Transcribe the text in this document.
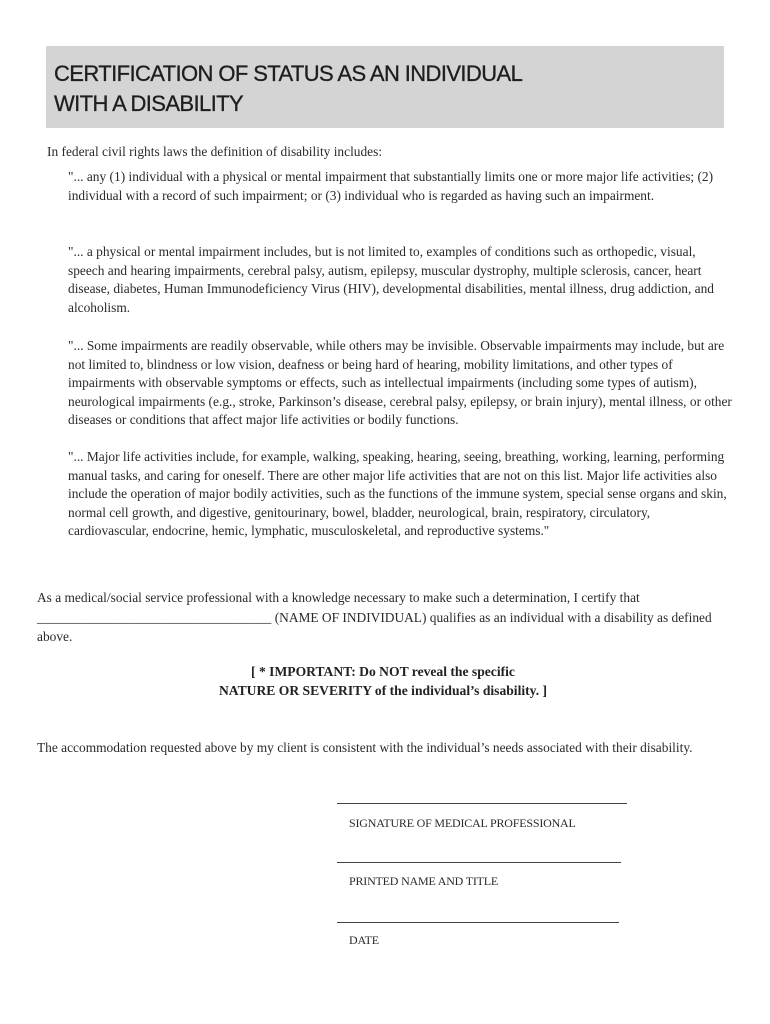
CERTIFICATION OF STATUS AS AN INDIVIDUAL
WITH A DISABILITY

In federal civil rights laws the definition of disability includes:

"... any (1) individual with a physical or mental impairment that substantially limits one or more major life activities; (2) individual with a record of such impairment; or (3) individual who is regarded as having such an impairment.

"... a physical or mental impairment includes, but is not limited to, examples of conditions such as orthopedic, visual, speech and hearing impairments, cerebral palsy, autism, epilepsy, muscular dystrophy, multiple sclerosis, cancer, heart disease, diabetes, Human Immunodeficiency Virus (HIV), developmental disabilities, mental illness, drug addiction, and alcoholism.

"... Some impairments are readily observable, while others may be invisible. Observable impairments may include, but are not limited to, blindness or low vision, deafness or being hard of hearing, mobility limitations, and other types of impairments with observable symptoms or effects, such as intellectual impairments (including some types of autism), neurological impairments (e.g., stroke, Parkinson’s disease, cerebral palsy, epilepsy, or brain injury), mental illness, or other diseases or conditions that affect major life activities or bodily functions.

"... Major life activities include, for example, walking, speaking, hearing, seeing, breathing, working, learning, performing manual tasks, and caring for oneself. There are other major life activities that are not on this list. Major life activities also include the operation of major bodily activities, such as the functions of the immune system, special sense organs and skin, normal cell growth, and digestive, genitourinary, bowel, bladder, neurological, brain, respiratory, circulatory, cardiovascular, endocrine, hemic, lymphatic, musculoskeletal, and reproductive systems."

As a medical/social service professional with a knowledge necessary to make such a determination, I certify that ___________________________________ (NAME OF INDIVIDUAL) qualifies as an individual with a disability as defined above.

[ * IMPORTANT: Do NOT reveal the specific
NATURE OR SEVERITY of the individual’s disability. ]

The accommodation requested above by my client is consistent with the individual’s needs associated with their disability.

SIGNATURE OF MEDICAL PROFESSIONAL

PRINTED NAME AND TITLE

DATE
